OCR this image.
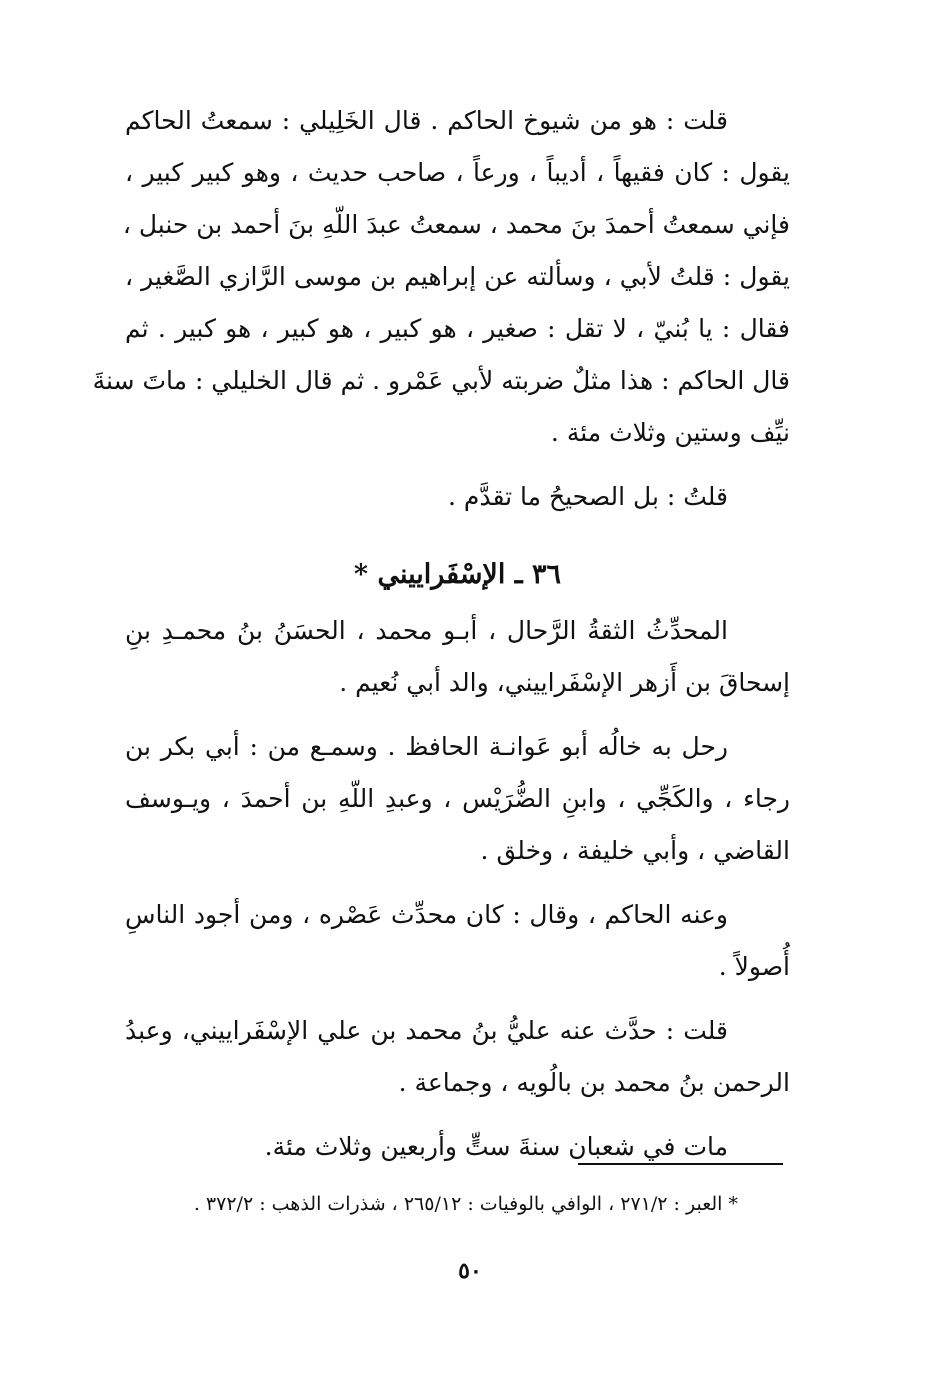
قلت : هو من شيوخ الحاكم . قال الخَلِيلي : سمعتُ الحاكم
يقول : كان فقيهاً ، أديباً ، ورعاً ، صاحب حديث ، وهو كبير كبير ،
فإني سمعتُ أحمدَ بنَ محمد ، سمعتُ عبدَ اللّهِ بنَ أحمد بن حنبل ،
يقول : قلتُ لأبي ، وسألته عن إبراهيم بن موسى الرَّازي الصَّغير ،
فقال : يا بُنيّ ، لا تقل : صغير ، هو كبير ، هو كبير ، هو كبير . ثم
قال الحاكم : هذا مثلٌ ضربته لأبي عَمْرو . ثم قال الخليلي : ماتَ سنةَ
نيِّف وستين وثلاث مئة .

قلتُ : بل الصحيحُ ما تقدَّم .

٣٦ ـ الإسْفَراييني *

المحدِّثُ الثقةُ الرَّحال ، أبـو محمد ، الحسَنُ بنُ محمـدِ بنِ
إسحاقَ بن أَزهر الإسْفَراييني، والد أبي نُعيم .

رحل به خالُه أبو عَوانـة الحافظ . وسمـع من : أبي بكر بن
رجاء ، والكَجِّي ، وابنِ الضُّرَيْس ، وعبدِ اللّهِ بن أحمدَ ، ويـوسف
القاضي ، وأبي خليفة ، وخلق .

وعنه الحاكم ، وقال : كان محدِّث عَصْره ، ومن أجود الناسِ
أُصولاً .

قلت : حدَّث عنه عليُّ بنُ محمد بن علي الإسْفَراييني، وعبدُ
الرحمن بنُ محمد بن بالُويه ، وجماعة .

مات في شعبان سنةَ ستٍّ وأربعين وثلاث مئة.

* العبر : ٢٧١/٢ ، الوافي بالوفيات : ٢٦٥/١٢ ، شذرات الذهب : ٣٧٢/٢ .
٥٠
